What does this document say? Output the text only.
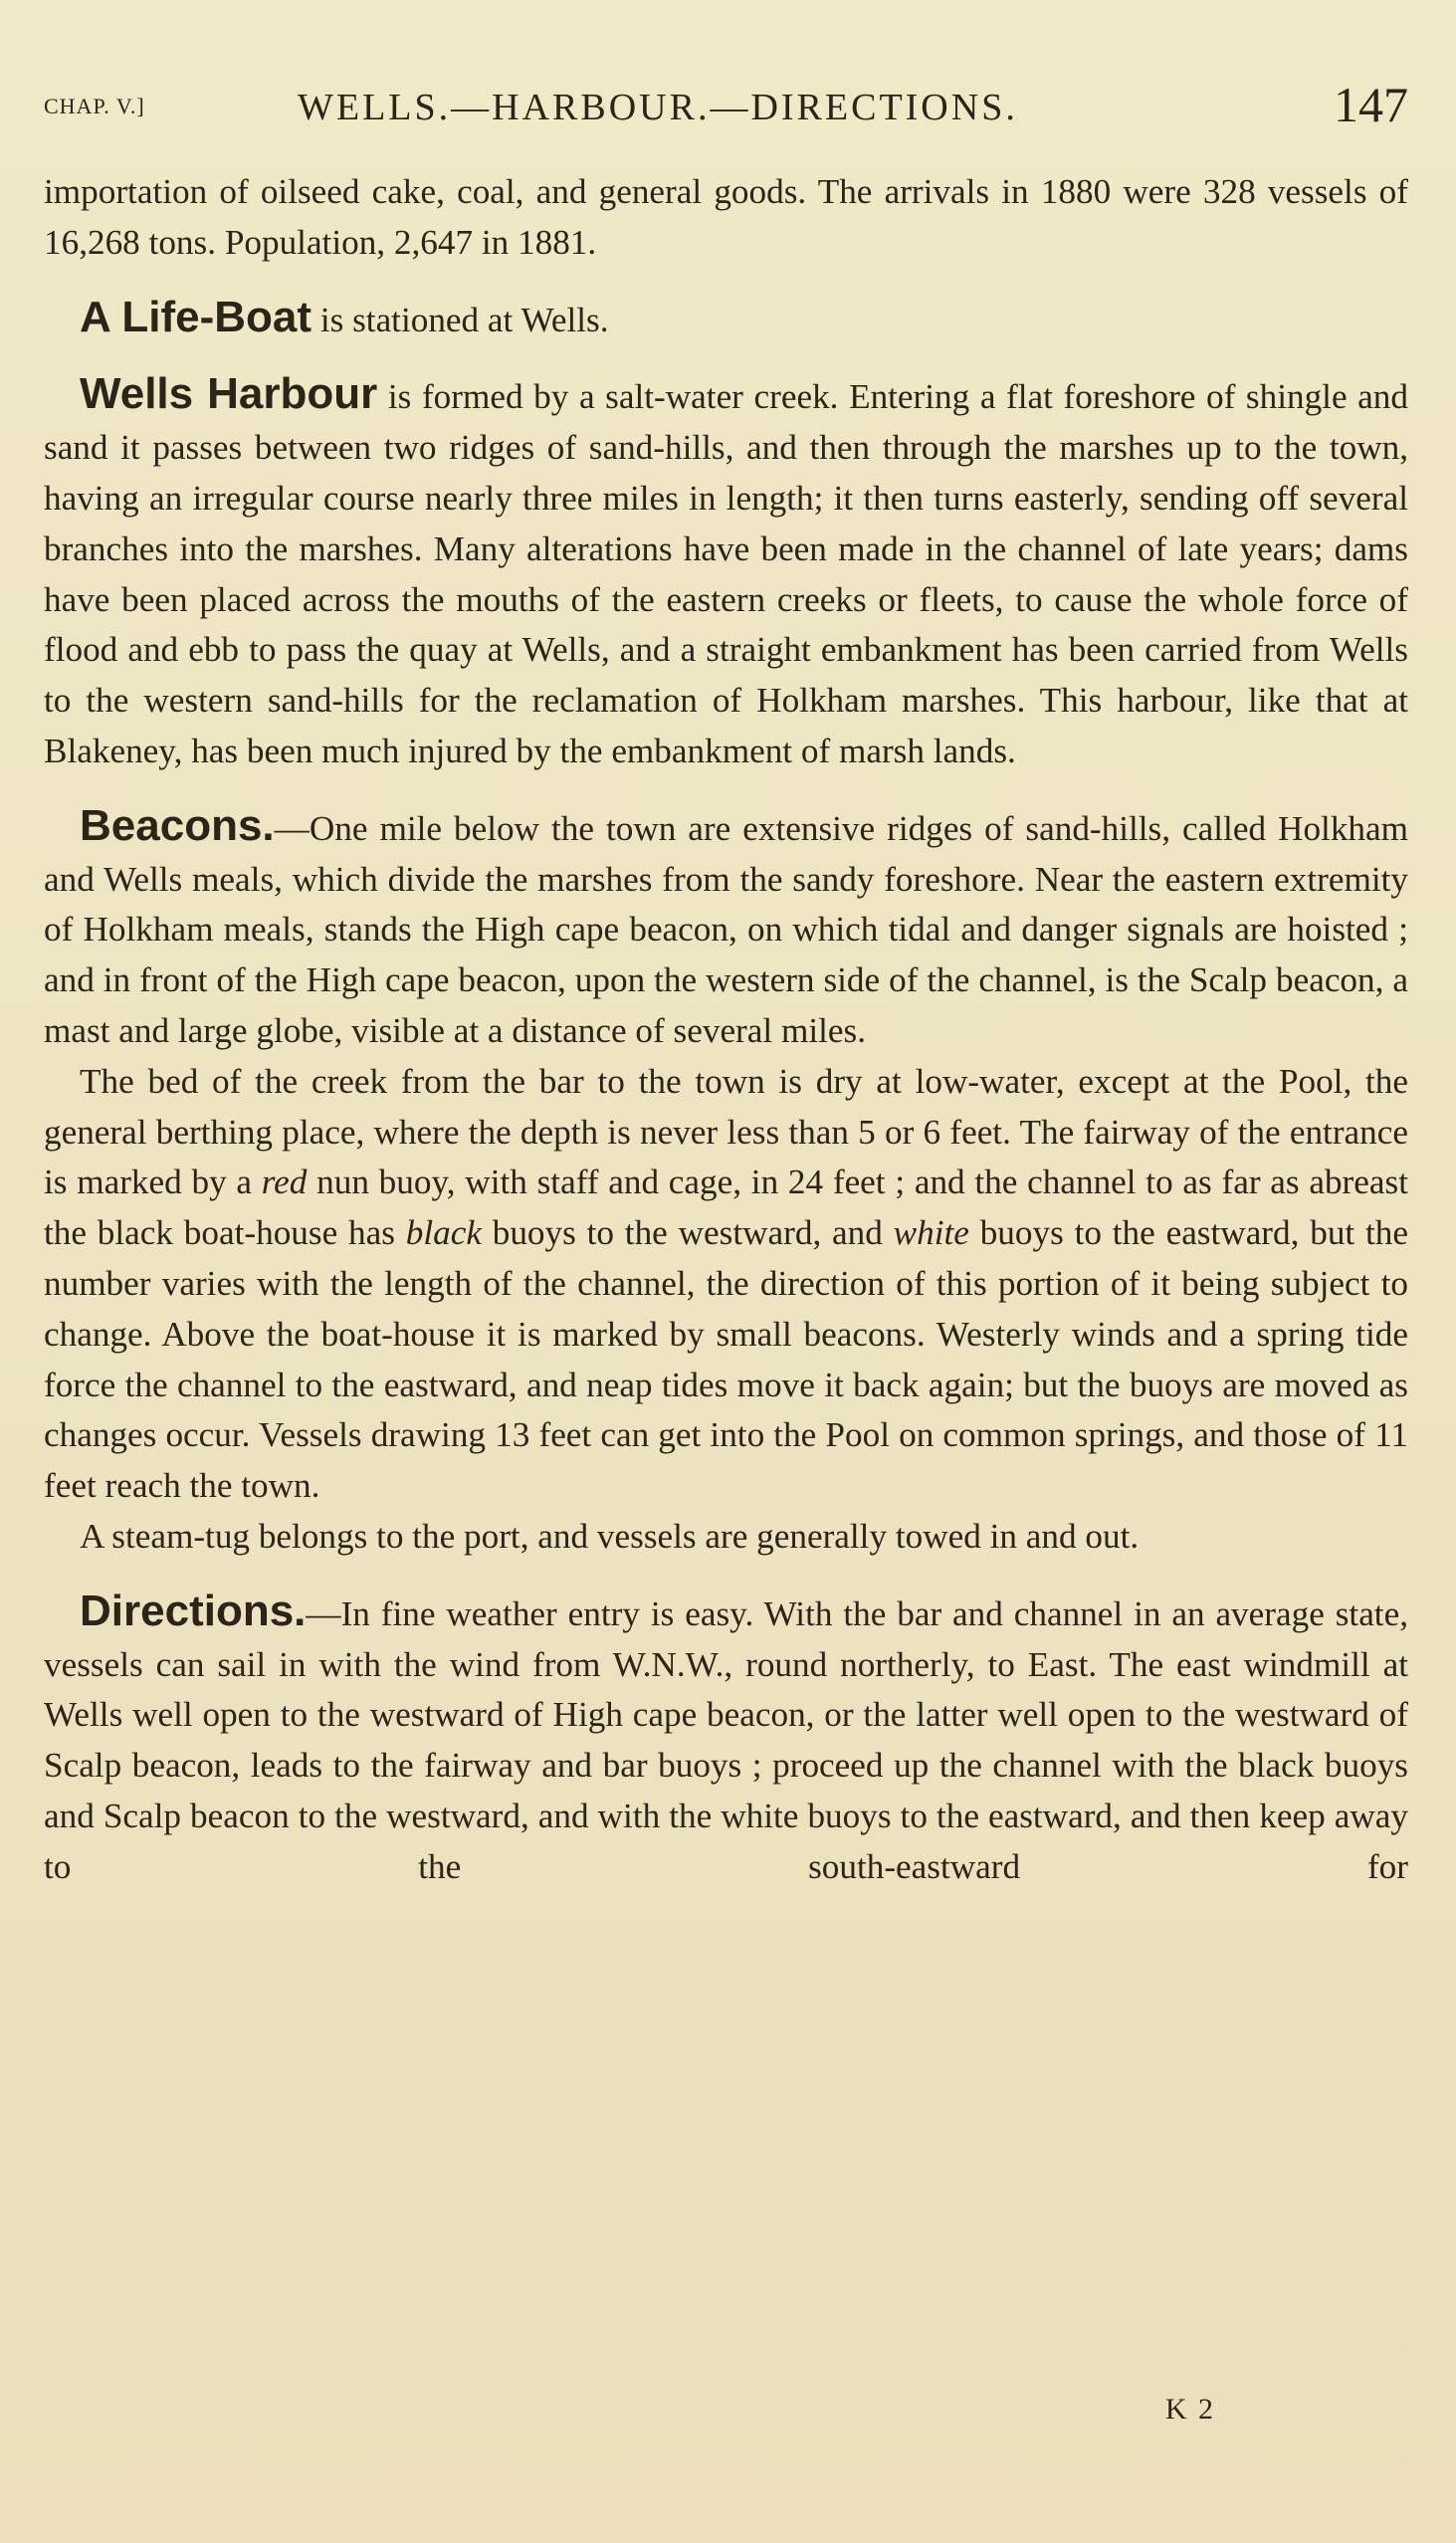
CHAP. V.]	WELLS.—HARBOUR.—DIRECTIONS.	147

importation of oilseed cake, coal, and general goods. The arrivals in 1880 were 328 vessels of 16,268 tons. Population, 2,647 in 1881.

A Life-Boat is stationed at Wells.

Wells Harbour is formed by a salt-water creek. Entering a flat foreshore of shingle and sand it passes between two ridges of sand-hills, and then through the marshes up to the town, having an irregular course nearly three miles in length; it then turns easterly, sending off several branches into the marshes. Many alterations have been made in the channel of late years; dams have been placed across the mouths of the eastern creeks or fleets, to cause the whole force of flood and ebb to pass the quay at Wells, and a straight embankment has been carried from Wells to the western sand-hills for the reclamation of Holkham marshes. This harbour, like that at Blakeney, has been much injured by the embankment of marsh lands.

Beacons.—One mile below the town are extensive ridges of sand-hills, called Holkham and Wells meals, which divide the marshes from the sandy foreshore. Near the eastern extremity of Holkham meals, stands the High cape beacon, on which tidal and danger signals are hoisted ; and in front of the High cape beacon, upon the western side of the channel, is the Scalp beacon, a mast and large globe, visible at a distance of several miles.

The bed of the creek from the bar to the town is dry at low-water, except at the Pool, the general berthing place, where the depth is never less than 5 or 6 feet. The fairway of the entrance is marked by a red nun buoy, with staff and cage, in 24 feet ; and the channel to as far as abreast the black boat-house has black buoys to the westward, and white buoys to the eastward, but the number varies with the length of the channel, the direction of this portion of it being subject to change. Above the boat-house it is marked by small beacons. Westerly winds and a spring tide force the channel to the eastward, and neap tides move it back again; but the buoys are moved as changes occur. Vessels drawing 13 feet can get into the Pool on common springs, and those of 11 feet reach the town.

A steam-tug belongs to the port, and vessels are generally towed in and out.

Directions.—In fine weather entry is easy. With the bar and channel in an average state, vessels can sail in with the wind from W.N.W., round northerly, to East. The east windmill at Wells well open to the westward of High cape beacon, or the latter well open to the westward of Scalp beacon, leads to the fairway and bar buoys ; proceed up the channel with the black buoys and Scalp beacon to the westward, and with the white buoys to the eastward, and then keep away to the south-eastward for

K 2
